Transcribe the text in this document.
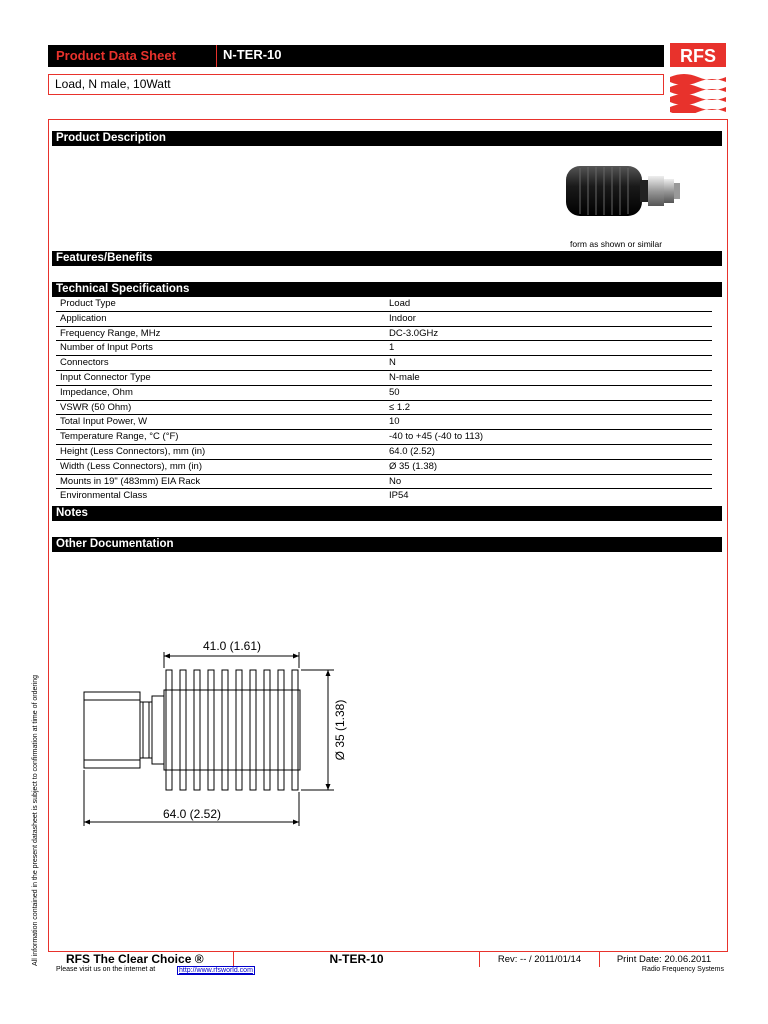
Product Data Sheet	N-TER-10
Load, N male, 10Watt
RFS
Product Description
form as shown or similar
Features/Benefits
Technical Specifications
Product Type	Load
Application	Indoor
Frequency Range, MHz	DC-3.0GHz
Number of Input Ports	1
Connectors	N
Input Connector Type	N-male
Impedance, Ohm	50
VSWR (50 Ohm)	≤ 1.2
Total Input Power, W	10
Temperature Range, °C (°F)	-40 to +45 (-40 to 113)
Height (Less Connectors), mm (in)	64.0 (2.52)
Width (Less Connectors), mm (in)	Ø 35 (1.38)
Mounts in 19" (483mm) EIA Rack	No
Environmental Class	IP54
Notes
Other Documentation
41.0 (1.61)
64.0 (2.52)
Ø 35 (1.38)
All information contained in the present datasheet is subject to confirmation at time of ordering	RFS The Clear Choice ®	N-TER-10	Rev: -- / 2011/01/14	Print Date: 20.06.2011
Please visit us on the internet at	http://www.rfsworld.com	Radio Frequency Systems
